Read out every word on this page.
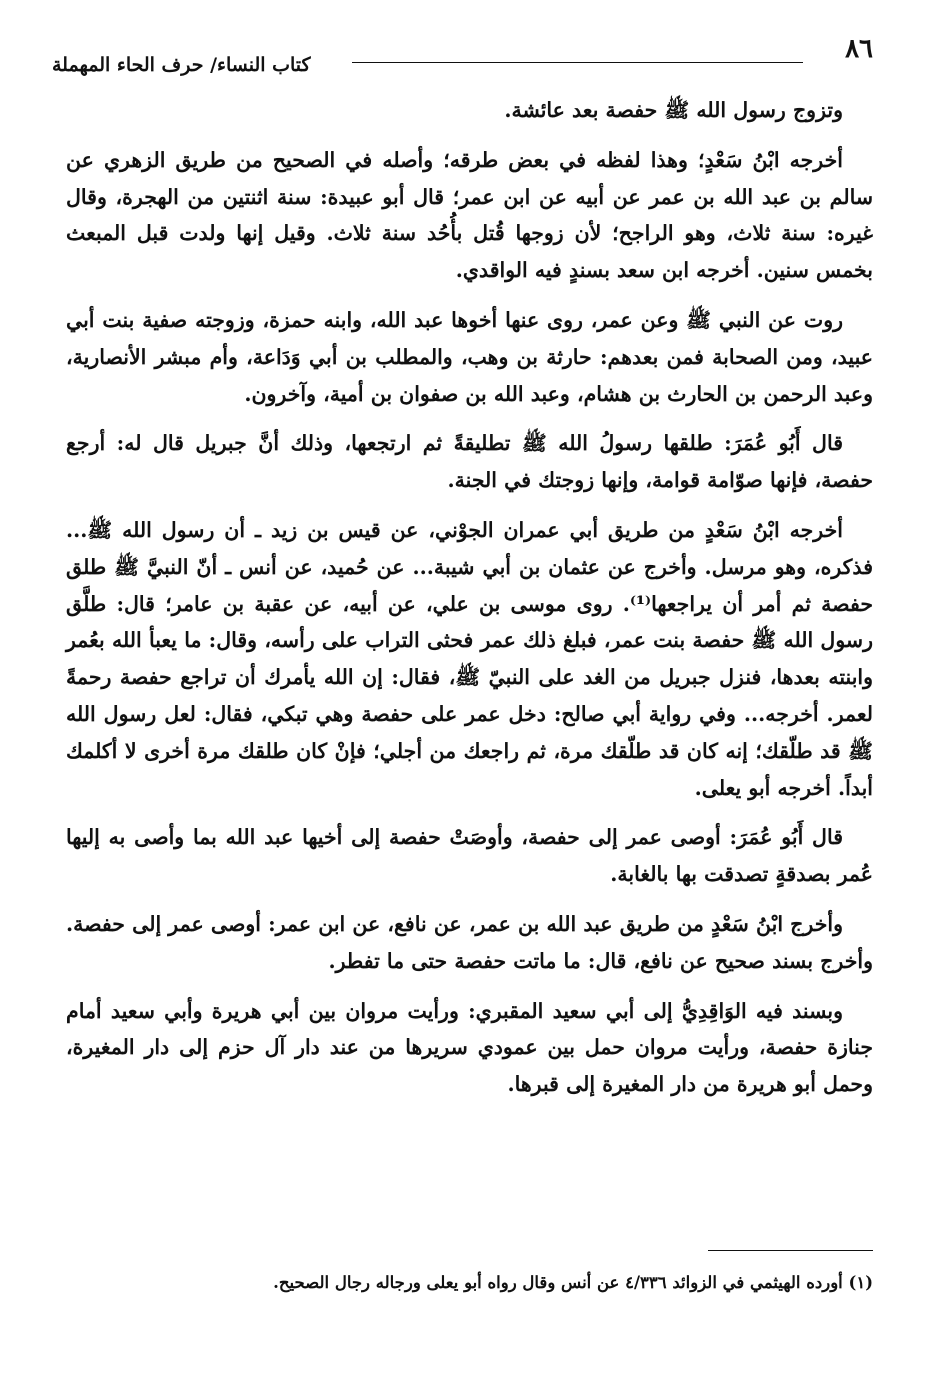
٨٦
كتاب النساء/ حرف الحاء المهملة

وتزوج رسول الله ﷺ حفصة بعد عائشة.

أخرجه ابْنُ سَعْدٍ؛ وهذا لفظه في بعض طرقه؛ وأصله في الصحيح من طريق الزهري عن سالم بن عبد الله بن عمر عن أبيه عن ابن عمر؛ قال أبو عبيدة: سنة اثنتين من الهجرة، وقال غيره: سنة ثلاث، وهو الراجح؛ لأن زوجها قُتل بأُحُد سنة ثلاث. وقيل إنها ولدت قبل المبعث بخمس سنين. أخرجه ابن سعد بسندٍ فيه الواقدي.

روت عن النبي ﷺ وعن عمر، روى عنها أخوها عبد الله، وابنه حمزة، وزوجته صفية بنت أبي عبيد، ومن الصحابة فمن بعدهم: حارثة بن وهب، والمطلب بن أبي وَدَاعة، وأم مبشر الأنصارية، وعبد الرحمن بن الحارث بن هشام، وعبد الله بن صفوان بن أمية، وآخرون.

قال أَبُو عُمَرَ: طلقها رسولُ الله ﷺ تطليقةً ثم ارتجعها، وذلك أنَّ جبريل قال له: أرجع حفصة، فإنها صوّامة قوامة، وإنها زوجتك في الجنة.

أخرجه ابْنُ سَعْدٍ من طريق أبي عمران الجوْني، عن قيس بن زيد ـ أن رسول الله ﷺ... فذكره، وهو مرسل. وأخرج عن عثمان بن أبي شيبة... عن حُميد، عن أنس ـ أنّ النبيَّ ﷺ طلق حفصة ثم أمر أن يراجعها⁽¹⁾. روى موسى بن علي، عن أبيه، عن عقبة بن عامر؛ قال: طلَّق رسول الله ﷺ حفصة بنت عمر، فبلغ ذلك عمر فحثى التراب على رأسه، وقال: ما يعبأ الله بعُمر وابنته بعدها، فنزل جبريل من الغد على النبيّ ﷺ، فقال: إن الله يأمرك أن تراجع حفصة رحمةً لعمر. أخرجه... وفي رواية أبي صالح: دخل عمر على حفصة وهي تبكي، فقال: لعل رسول الله ﷺ قد طلّقك؛ إنه كان قد طلّقك مرة، ثم راجعك من أجلي؛ فإنْ كان طلقك مرة أخرى لا أكلمك أبداً. أخرجه أبو يعلى.

قال أَبُو عُمَرَ: أوصى عمر إلى حفصة، وأوصَتْ حفصة إلى أخيها عبد الله بما وأصى به إليها عُمر بصدقةٍ تصدقت بها بالغابة.

وأخرج ابْنُ سَعْدٍ من طريق عبد الله بن عمر، عن نافع، عن ابن عمر: أوصى عمر إلى حفصة. وأخرج بسند صحيح عن نافع، قال: ما ماتت حفصة حتى ما تفطر.

وبسند فيه الوَاقِدِيُّ إلى أبي سعيد المقبري: ورأيت مروان بين أبي هريرة وأبي سعيد أمام جنازة حفصة، ورأيت مروان حمل بين عمودي سريرها من عند دار آل حزم إلى دار المغيرة، وحمل أبو هريرة من دار المغيرة إلى قبرها.

(١) أورده الهيثمي في الزوائد ٤/٣٣٦ عن أنس وقال رواه أبو يعلى ورجاله رجال الصحيح.
